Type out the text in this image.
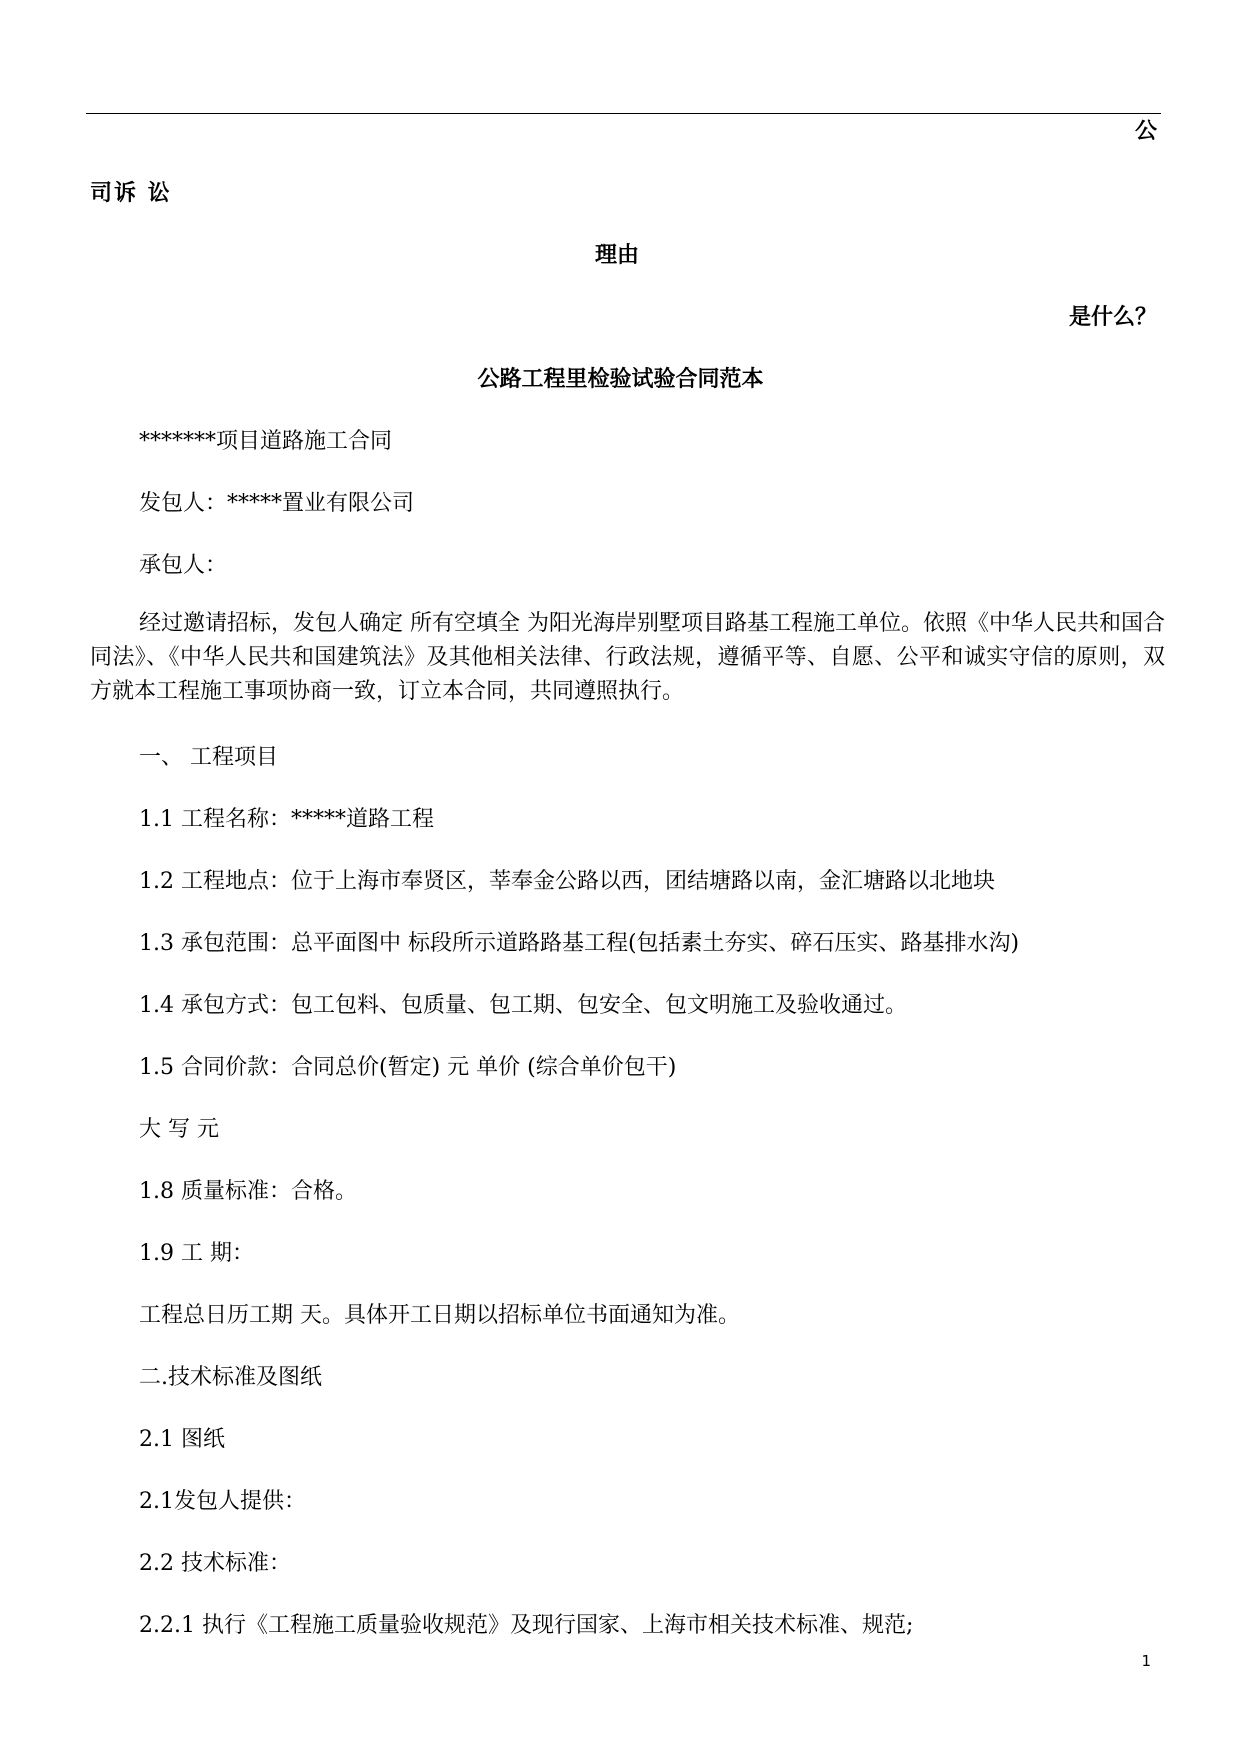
公
司诉 讼
理由
是什么？
公路工程里检验试验合同范本
*******项目道路施工合同
发包人：*****置业有限公司
承包人：
经过邀请招标，发包人确定 所有空填全 为阳光海岸别墅项目路基工程施工单位。依照《中华人民共和国合同法》、《中华人民共和国建筑法》及其他相关法律、行政法规，遵循平等、自愿、公平和诚实守信的原则，双方就本工程施工事项协商一致，订立本合同，共同遵照执行。
一、 工程项目
1.1 工程名称：*****道路工程
1.2 工程地点：位于上海市奉贤区，莘奉金公路以西，团结塘路以南，金汇塘路以北地块
1.3 承包范围：总平面图中 标段所示道路路基工程(包括素土夯实、碎石压实、路基排水沟)
1.4 承包方式：包工包料、包质量、包工期、包安全、包文明施工及验收通过。
1.5 合同价款：合同总价(暂定) 元 单价 (综合单价包干)
大 写 元
1.8 质量标准：合格。
1.9 工 期：
工程总日历工期 天。具体开工日期以招标单位书面通知为准。
二.技术标准及图纸
2.1 图纸
2.1发包人提供：
2.2 技术标准：
2.2.1 执行《工程施工质量验收规范》及现行国家、上海市相关技术标准、规范;
1
